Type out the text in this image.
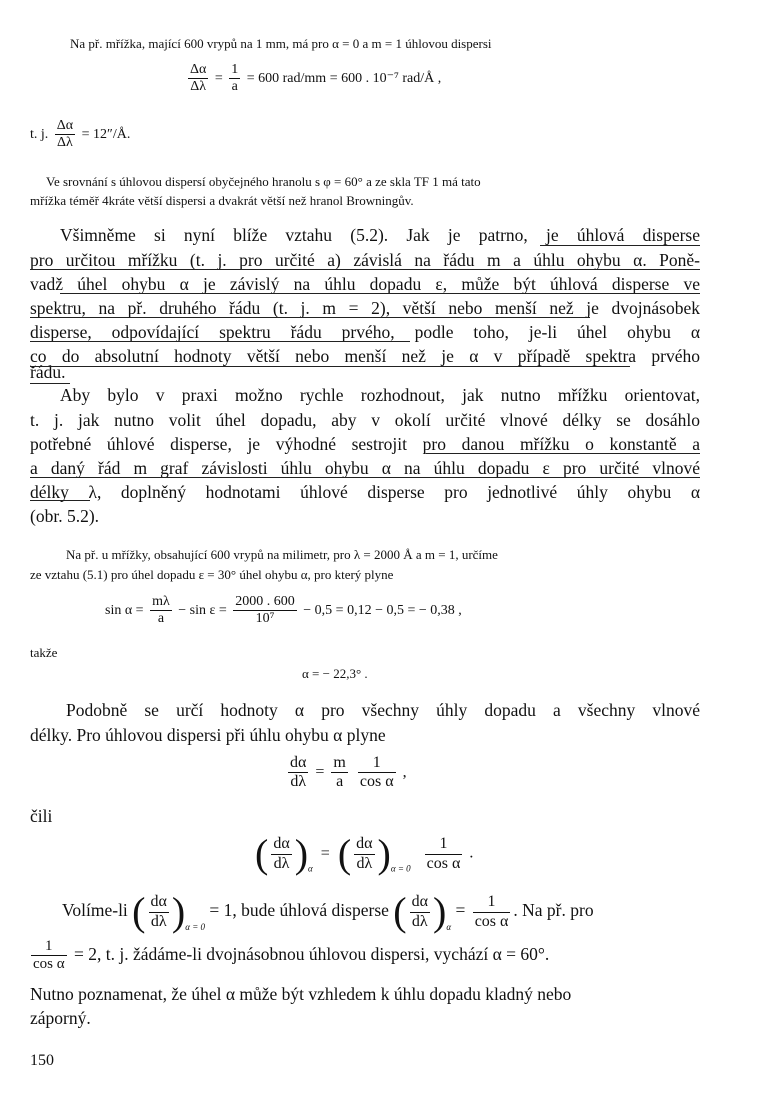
Na př. mřížka, mající 600 vrypů na 1 mm, má pro α = 0 a m = 1 úhlovou dispersi
$\frac{\Delta\alpha}{\Delta\lambda} = \frac{1}{a} = 600$ rad/mm = 600 . 10⁻⁷ rad/Å ,
t. j. $\frac{\Delta\alpha}{\Delta\lambda}$ = 12″/Å.
Ve srovnání s úhlovou dispersí obyčejného hranolu s φ = 60° a ze skla TF 1 má tato
mřížka téměř 4kráte větší dispersi a dvakrát větší než hranol Browningův.
Všimněme si nyní blíže vztahu (5.2). Jak je patrno, je úhlová disperse
pro určitou mřížku (t. j. pro určité a) závislá na řádu m a úhlu ohybu α. Poně-
vadž úhel ohybu α je závislý na úhlu dopadu ε, může být úhlová disperse ve
spektru, na př. druhého řádu (t. j. m = 2), větší nebo menší než je dvojnásobek
disperse, odpovídající spektru řádu prvého, podle toho, je-li úhel ohybu α
co do absolutní hodnoty větší nebo menší než je α v případě spektra prvého
řádu.
Aby bylo v praxi možno rychle rozhodnout, jak nutno mřížku orientovat,
t. j. jak nutno volit úhel dopadu, aby v okolí určité vlnové délky se dosáhlo
potřebné úhlové disperse, je výhodné sestrojit pro danou mřížku o konstantě a
a daný řád m graf závislosti úhlu ohybu α na úhlu dopadu ε pro určité vlnové
délky λ, doplněný hodnotami úhlové disperse pro jednotlivé úhly ohybu α
(obr. 5.2).
Na př. u mřížky, obsahující 600 vrypů na milimetr, pro λ = 2000 Å a m = 1, určíme
ze vztahu (5.1) pro úhel dopadu ε = 30° úhel ohybu α, pro který plyne
$\sin \alpha = \frac{m\lambda}{a} - \sin \varepsilon = \frac{2000 . 600}{\text{10⁷}} - 0,5 = 0,12 - 0,5$ = − 0,38 ,
takže
α = − 22,3° .
Podobně se určí hodnoty α pro všechny úhly dopadu a všechny vlnové
délky. Pro úhlovou dispersi při úhlu ohybu α plyne
$\frac{d\alpha}{d\lambda} = \frac{m}{a}$
$\frac{1}{\text{cos α}}$ ,
čili
( $\frac{d\alpha}{d\lambda} )_\alpha$ = ( $\frac{d\alpha}{d\lambda} )_{\alpha = 0} \frac{1}{\text{cos α}}$ .
Volíme-li ( $\frac{d\alpha}{d\lambda} )_{\alpha = 0} = 1$, bude úhlová disperse ( $\frac{d\alpha}{d\lambda} )_\alpha = \frac{1}{\text{cos α}}$ . Na př. pro
$\frac{1}{\text{cos α}} = 2$, t. j. žádáme-li dvojnásobnou úhlovou dispersi, vychází α = 60°.
Nutno poznamenat, že úhel α může být vzhledem k úhlu dopadu kladný nebo
záporný.
150
